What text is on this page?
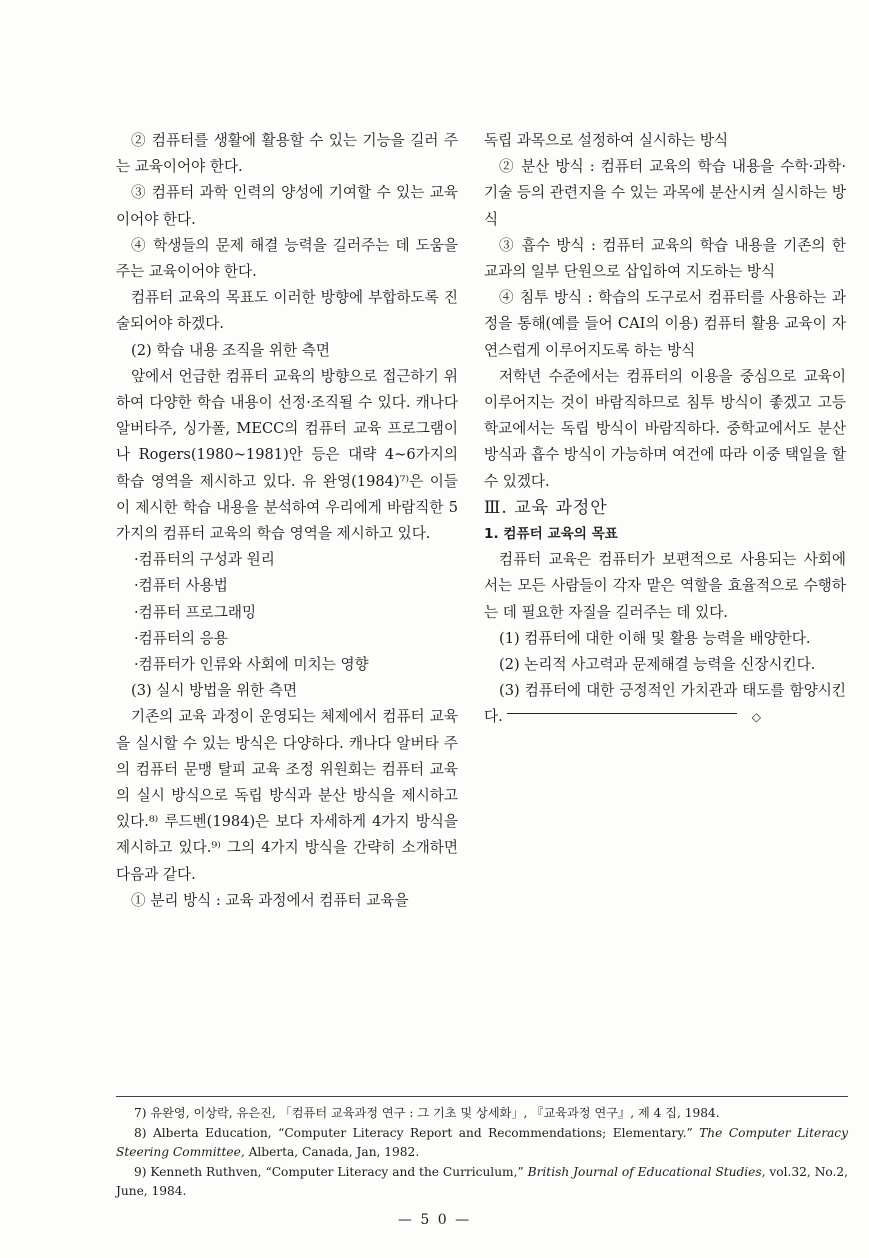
② 컴퓨터를 생활에 활용할 수 있는 기능을 길러 주는 교육이어야 한다.

③ 컴퓨터 과학 인력의 양성에 기여할 수 있는 교육이어야 한다.

④ 학생들의 문제 해결 능력을 길러주는 데 도움을 주는 교육이어야 한다.

컴퓨터 교육의 목표도 이러한 방향에 부합하도록 진술되어야 하겠다.

(2) 학습 내용 조직을 위한 측면

앞에서 언급한 컴퓨터 교육의 방향으로 접근하기 위하여 다양한 학습 내용이 선정·조직될 수 있다. 캐나다 알버타주, 싱가폴, MECC의 컴퓨터 교육 프로그램이나 Rogers(1980~1981)안 등은 대략 4~6가지의 학습 영역을 제시하고 있다. 유 완영(1984)⁷⁾은 이들이 제시한 학습 내용을 분석하여 우리에게 바람직한 5가지의 컴퓨터 교육의 학습 영역을 제시하고 있다.

·컴퓨터의 구성과 원리

·컴퓨터 사용법

·컴퓨터 프로그래밍

·컴퓨터의 응용

·컴퓨터가 인류와 사회에 미치는 영향

(3) 실시 방법을 위한 측면

기존의 교육 과정이 운영되는 체제에서 컴퓨터 교육을 실시할 수 있는 방식은 다양하다. 캐나다 알버타 주의 컴퓨터 문맹 탈피 교육 조정 위원회는 컴퓨터 교육의 실시 방식으로 독립 방식과 분산 방식을 제시하고 있다.⁸⁾ 루드벤(1984)은 보다 자세하게 4가지 방식을 제시하고 있다.⁹⁾ 그의 4가지 방식을 간략히 소개하면 다음과 같다.

① 분리 방식 : 교육 과정에서 컴퓨터 교육을

독립 과목으로 설정하여 실시하는 방식

② 분산 방식 : 컴퓨터 교육의 학습 내용을 수학·과학·기술 등의 관련지을 수 있는 과목에 분산시켜 실시하는 방식

③ 흡수 방식 : 컴퓨터 교육의 학습 내용을 기존의 한 교과의 일부 단원으로 삽입하여 지도하는 방식

④ 침투 방식 : 학습의 도구로서 컴퓨터를 사용하는 과정을 통해(예를 들어 CAI의 이용) 컴퓨터 활용 교육이 자연스럽게 이루어지도록 하는 방식

저학년 수준에서는 컴퓨터의 이용을 중심으로 교육이 이루어지는 것이 바람직하므로 침투 방식이 좋겠고 고등학교에서는 독립 방식이 바람직하다. 중학교에서도 분산 방식과 흡수 방식이 가능하며 여건에 따라 이중 택일을 할 수 있겠다.

Ⅲ. 교육 과정안

1. 컴퓨터 교육의 목표

컴퓨터 교육은 컴퓨터가 보편적으로 사용되는 사회에서는 모든 사람들이 각자 맡은 역할을 효율적으로 수행하는 데 필요한 자질을 길러주는 데 있다.

(1) 컴퓨터에 대한 이해 및 활용 능력을 배양한다.

(2) 논리적 사고력과 문제해결 능력을 신장시킨다.

(3) 컴퓨터에 대한 긍정적인 가치관과 태도를 함양시킨다.	◇

7) 유완영, 이상락, 유은진, 「컴퓨터 교육과정 연구 : 그 기초 및 상세화」, 『교육과정 연구』, 제 4 집, 1984.

8) Alberta Education, “Computer Literacy Report and Recommendations; Elementary.” The Computer Literacy Steering Committee, Alberta, Canada, Jan, 1982.

9) Kenneth Ruthven, “Computer Literacy and the Curriculum,” British Journal of Educational Studies, vol.32, No.2, June, 1984.

— 5 0 —
